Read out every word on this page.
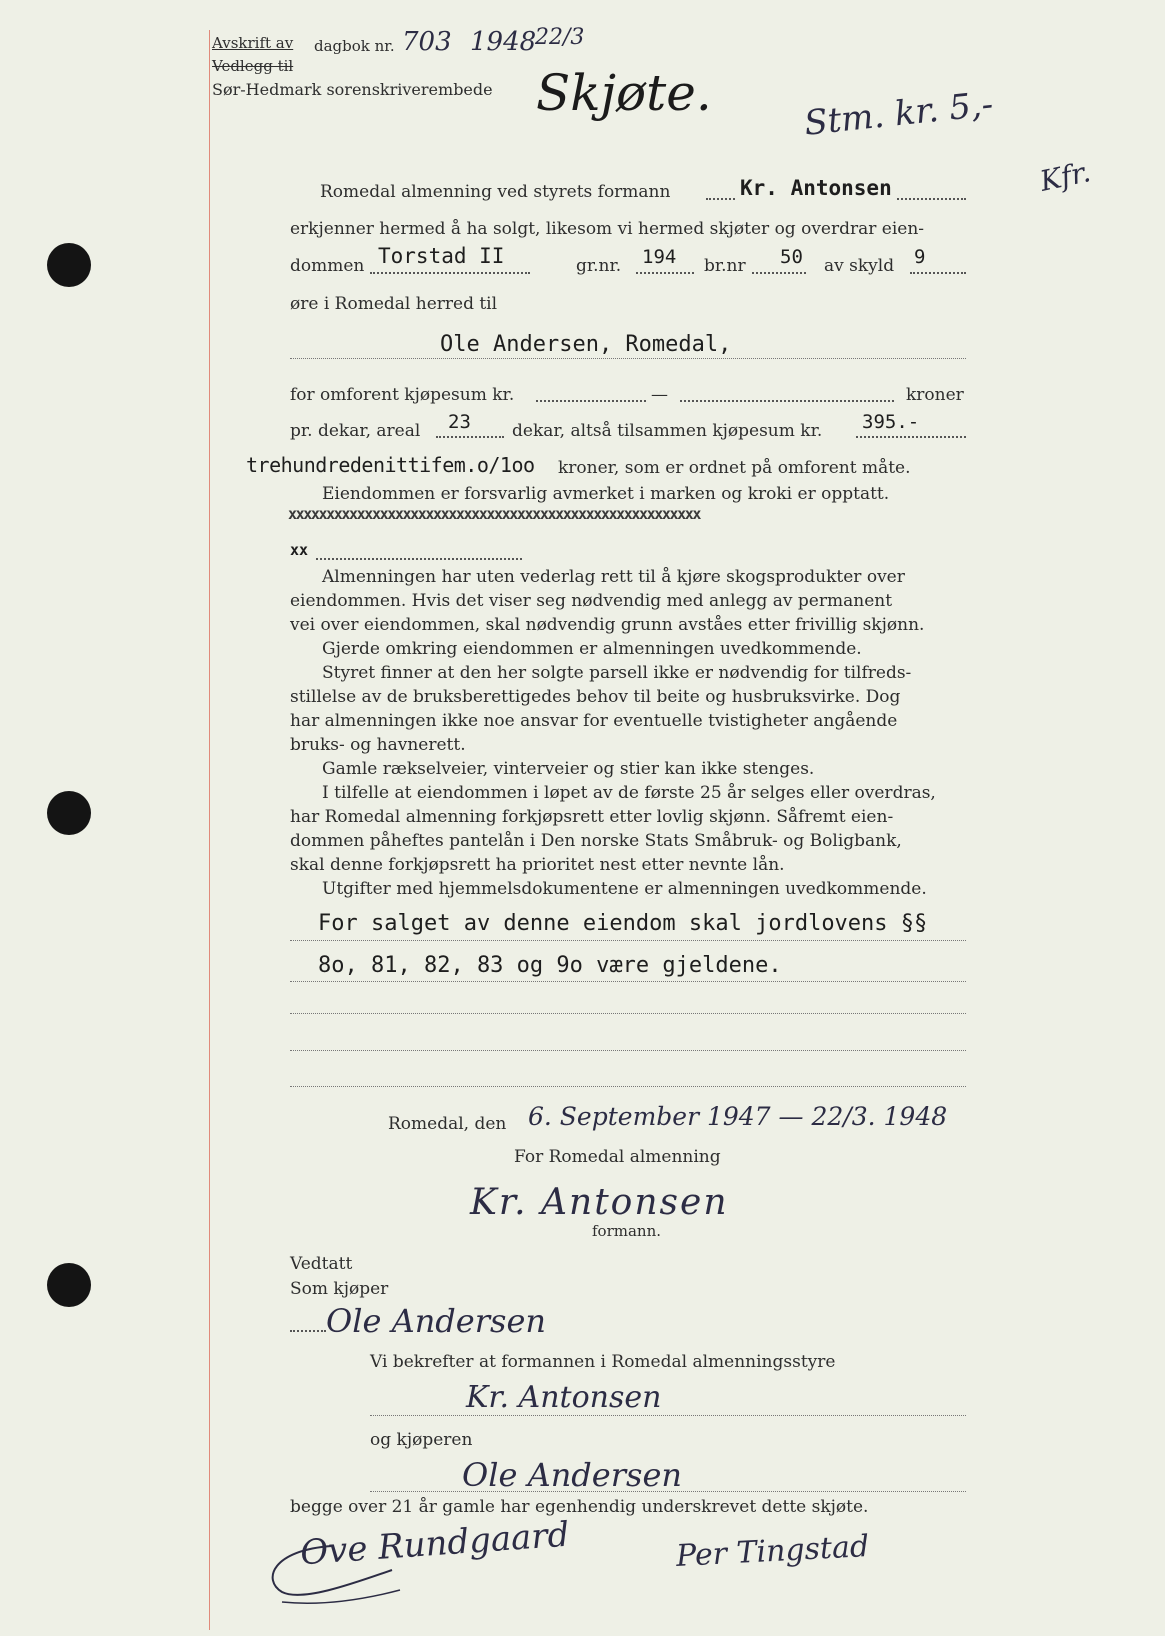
Avskrift av dagbok nr. 703 1948
22/3
Vedlegg til
Sør-Hedmark sorenskriverembede Skjøte.	Stm. kr. 5,-
Kfr.
Romedal almenning ved styrets formann	Kr. Antonsen
erkjenner hermed å ha solgt, likesom vi hermed skjøter og overdrar eien-
dommen Torstad II	gr.nr. 194 br.nr 50 av skyld 9
øre i Romedal herred til
Ole Andersen, Romedal,
for omforent kjøpesum kr.	—	kroner
pr. dekar, areal 23 dekar, altså tilsammen kjøpesum kr. 395.-
trehundredenittifem.o/1oo kroner, som er ordnet på omforent måte.
Eiendommen er forsvarlig avmerket i marken og kroki er opptatt.
xxxxxxxxxxxxxxxxxxxxxxxxxxxxxxxxxxxxxxxxxxxxxxxxxxxxxx
xx
Almenningen har uten vederlag rett til å kjøre skogsprodukter over
eiendommen. Hvis det viser seg nødvendig med anlegg av permanent
vei over eiendommen, skal nødvendig grunn avståes etter frivillig skjønn.
Gjerde omkring eiendommen er almenningen uvedkommende.
Styret finner at den her solgte parsell ikke er nødvendig for tilfreds-
stillelse av de bruksberettigedes behov til beite og husbruksvirke. Dog
har almenningen ikke noe ansvar for eventuelle tvistigheter angående
bruks- og havnerett.
Gamle rækselveier, vinterveier og stier kan ikke stenges.
I tilfelle at eiendommen i løpet av de første 25 år selges eller overdras,
har Romedal almenning forkjøpsrett etter lovlig skjønn. Såfremt eien-
dommen påheftes pantelån i Den norske Stats Småbruk- og Boligbank,
skal denne forkjøpsrett ha prioritet nest etter nevnte lån.
Utgifter med hjemmelsdokumentene er almenningen uvedkommende.
For salget av denne eiendom skal jordlovens §§
8o, 81, 82, 83 og 9o være gjeldene.
Romedal, den 6. September 1947 — 22/3. 1948
For Romedal almenning
Kr. Antonsen
formann.
Vedtatt
Som kjøper
Ole Andersen
Vi bekrefter at formannen i Romedal almenningsstyre
Kr. Antonsen
og kjøperen
Ole Andersen
begge over 21 år gamle har egenhendig underskrevet dette skjøte.
Ove Rundgaard	Per Tingstad
